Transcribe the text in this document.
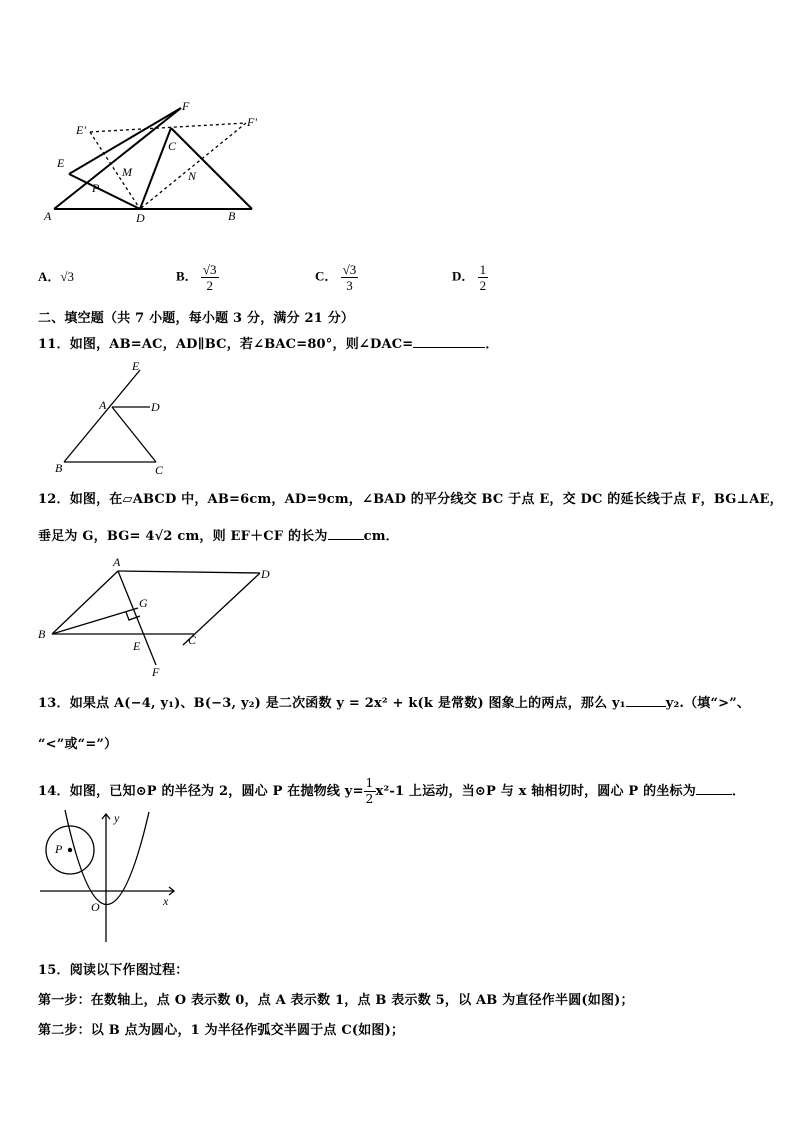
F
F'
E'
E
C
M
P
N
A	D	B
A．√3	B． $\frac{√3}{2}$	C． $\frac{√3}{3}$	D． $\frac{1}{2}$
二、填空题（共 7 小题，每小题 3 分，满分 21 分）
11．如图，AB=AC，AD∥BC，若∠BAC=80°，则∠DAC=	．
E
A	D
B	C
12．如图，在▱ABCD 中，AB=6cm，AD=9cm，∠BAD 的平分线交 BC 于点 E，交 DC 的延长线于点 F，BG⊥AE，
垂足为 G，BG= 4√2 cm，则 EF＋CF 的长为	cm．
A
D
G
B	C
E
F
13．如果点 A(−4, y₁)、B(−3, y₂) 是二次函数 y = 2x² + k(k 是常数) 图象上的两点，那么 y₁	y₂.（填“>”、
“<”或“=”）
14．如图，已知⊙P 的半径为 2，圆心 P 在抛物线 $y= \frac{1}{2} x^2-1$ 上运动，当⊙P 与 x 轴相切时，圆心 P 的坐标为	．
y
P
O	x
15．阅读以下作图过程：
第一步：在数轴上，点 O 表示数 0，点 A 表示数 1，点 B 表示数 5，以 AB 为直径作半圆(如图)；
第二步：以 B 点为圆心，1 为半径作弧交半圆于点 C(如图)；
